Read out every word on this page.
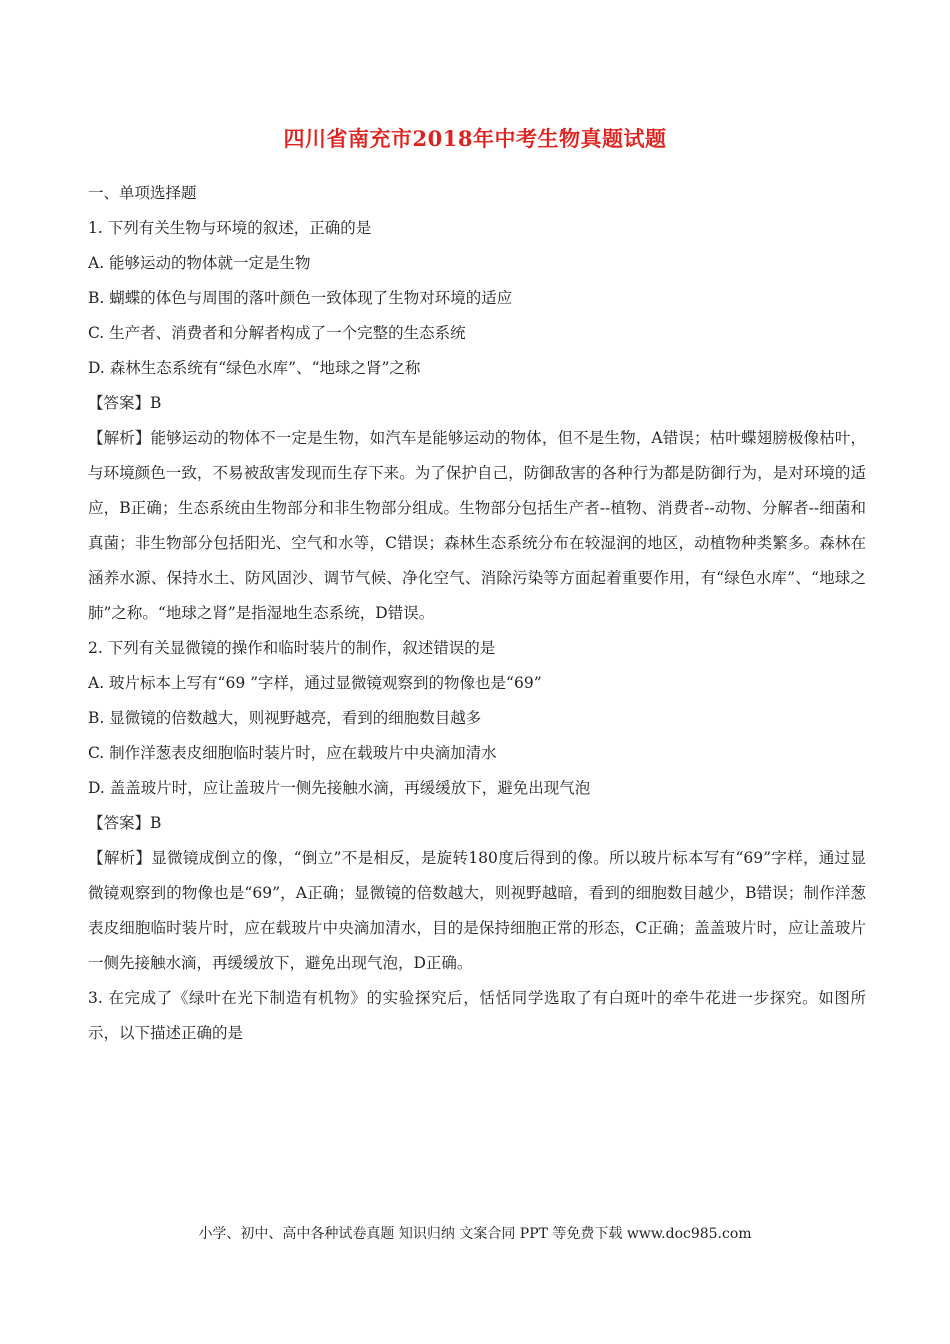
四川省南充市2018年中考生物真题试题
一、单项选择题
1. 下列有关生物与环境的叙述，正确的是
A. 能够运动的物体就一定是生物
B. 蝴蝶的体色与周围的落叶颜色一致体现了生物对环境的适应
C. 生产者、消费者和分解者构成了一个完整的生态系统
D. 森林生态系统有“绿色水库”、“地球之肾”之称
【答案】B
【解析】能够运动的物体不一定是生物，如汽车是能够运动的物体，但不是生物，A错误；枯叶蝶翅膀极像枯叶，与环境颜色一致，不易被敌害发现而生存下来。为了保护自己，防御敌害的各种行为都是防御行为，是对环境的适应，B正确；生态系统由生物部分和非生物部分组成。生物部分包括生产者--植物、消费者--动物、分解者--细菌和真菌；非生物部分包括阳光、空气和水等，C错误；森林生态系统分布在较湿润的地区，动植物种类繁多。森林在涵养水源、保持水土、防风固沙、调节气候、净化空气、消除污染等方面起着重要作用，有“绿色水库”、“地球之肺”之称。“地球之肾”是指湿地生态系统，D错误。
2. 下列有关显微镜的操作和临时装片的制作，叙述错误的是
A. 玻片标本上写有“69 ”字样，通过显微镜观察到的物像也是“69”
B. 显微镜的倍数越大，则视野越亮，看到的细胞数目越多
C. 制作洋葱表皮细胞临时装片时，应在载玻片中央滴加清水
D. 盖盖玻片时，应让盖玻片一侧先接触水滴，再缓缓放下，避免出现气泡
【答案】B
【解析】显微镜成倒立的像，“倒立”不是相反，是旋转180度后得到的像。所以玻片标本写有“69”字样，通过显微镜观察到的物像也是“69”，A正确；显微镜的倍数越大，则视野越暗，看到的细胞数目越少，B错误；制作洋葱表皮细胞临时装片时，应在载玻片中央滴加清水，目的是保持细胞正常的形态，C正确；盖盖玻片时，应让盖玻片一侧先接触水滴，再缓缓放下，避免出现气泡，D正确。
3. 在完成了《绿叶在光下制造有机物》的实验探究后，恬恬同学选取了有白斑叶的牵牛花进一步探究。如图所示，以下描述正确的是
小学、初中、高中各种试卷真题 知识归纳 文案合同 PPT 等免费下载 www.doc985.com
